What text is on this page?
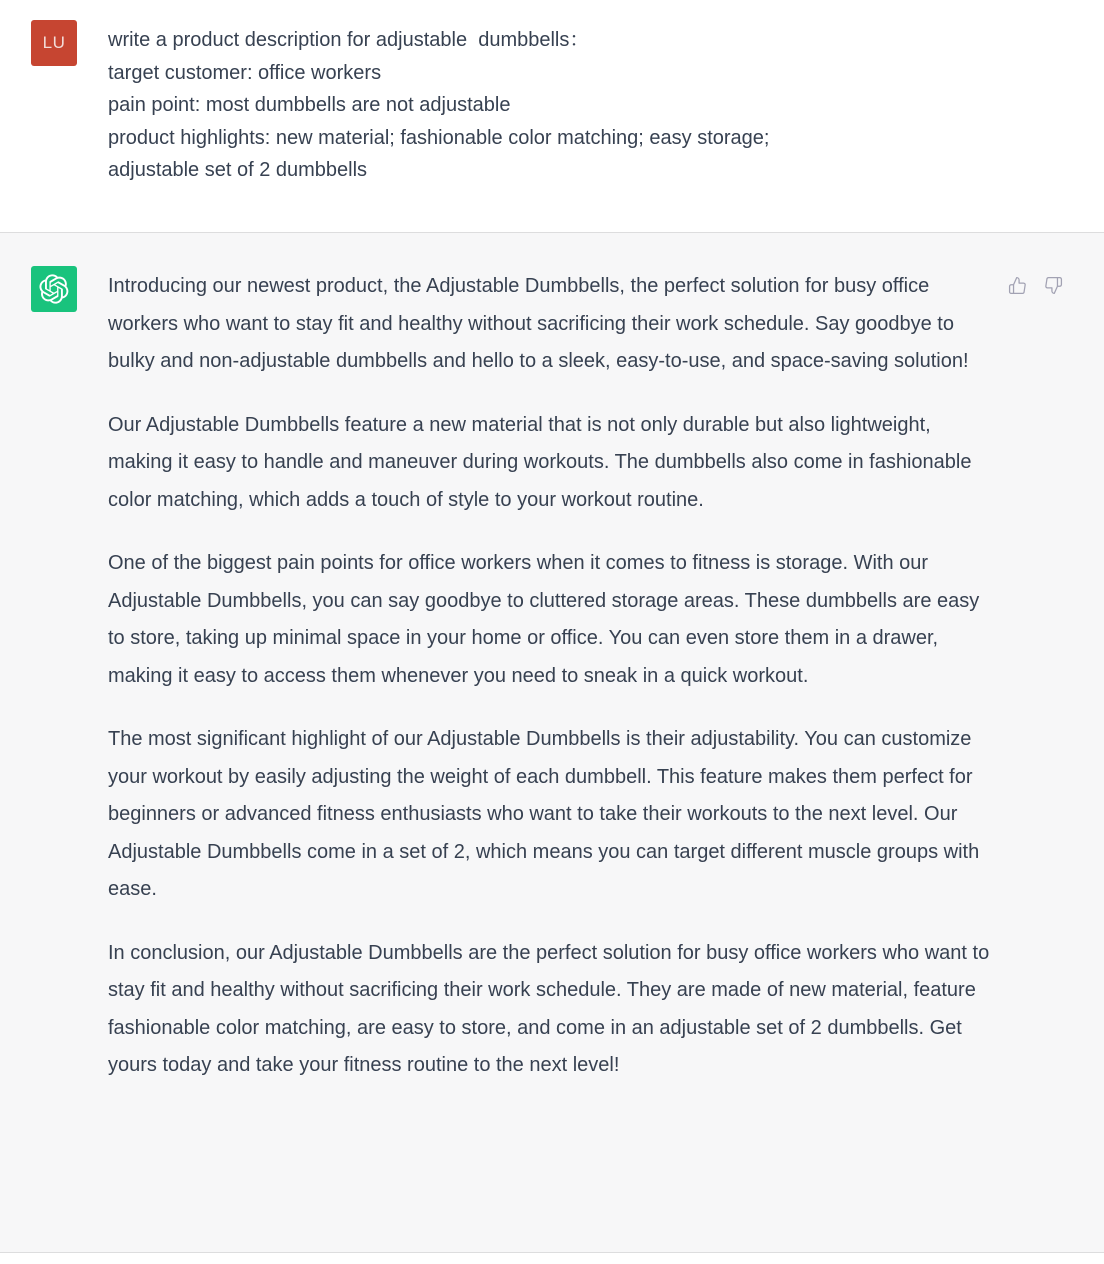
LU	write a product description for adjustable  dumbbells：
target customer: office workers
pain point: most dumbbells are not adjustable
product highlights: new material; fashionable color matching; easy storage;
adjustable set of 2 dumbbells

Introducing our newest product, the Adjustable Dumbbells, the perfect solution for busy office workers who want to stay fit and healthy without sacrificing their work schedule. Say goodbye to bulky and non-adjustable dumbbells and hello to a sleek, easy-to-use, and space-saving solution!

Our Adjustable Dumbbells feature a new material that is not only durable but also lightweight, making it easy to handle and maneuver during workouts. The dumbbells also come in fashionable color matching, which adds a touch of style to your workout routine.

One of the biggest pain points for office workers when it comes to fitness is storage. With our Adjustable Dumbbells, you can say goodbye to cluttered storage areas. These dumbbells are easy to store, taking up minimal space in your home or office. You can even store them in a drawer, making it easy to access them whenever you need to sneak in a quick workout.

The most significant highlight of our Adjustable Dumbbells is their adjustability. You can customize your workout by easily adjusting the weight of each dumbbell. This feature makes them perfect for beginners or advanced fitness enthusiasts who want to take their workouts to the next level. Our Adjustable Dumbbells come in a set of 2, which means you can target different muscle groups with ease.

In conclusion, our Adjustable Dumbbells are the perfect solution for busy office workers who want to stay fit and healthy without sacrificing their work schedule. They are made of new material, feature fashionable color matching, are easy to store, and come in an adjustable set of 2 dumbbells. Get yours today and take your fitness routine to the next level!
